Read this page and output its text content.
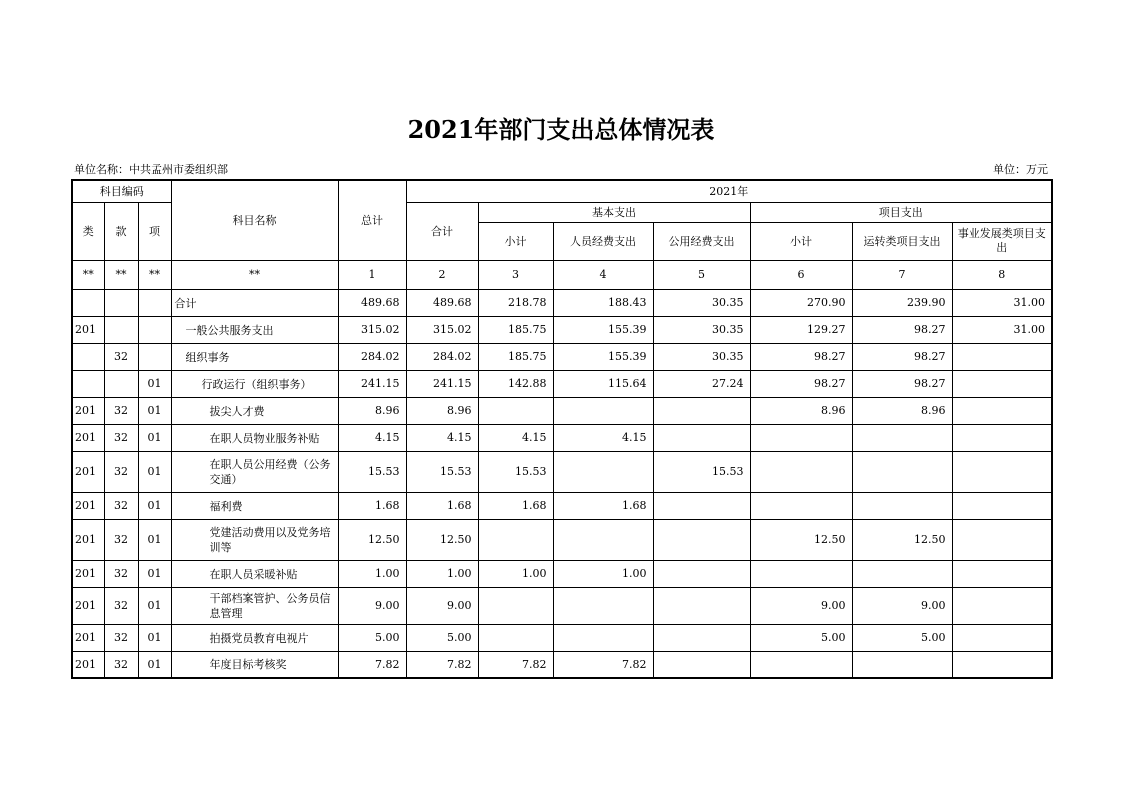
2021年部门支出总体情况表
单位名称：中共孟州市委组织部	单位：万元
科目编码			科目名称	总计	2021年						
类	款	项			合计	基本支出			项目支出		
						小计	人员经费支出	公用经费支出	小计	运转类项目支出	事业发展类项目支出
**	**	**	**	1	2	3	4	5	6	7	8
			合计	489.68	489.68	218.78	188.43	30.35	270.90	239.90	31.00
201			一般公共服务支出	315.02	315.02	185.75	155.39	30.35	129.27	98.27	31.00
	32		组织事务	284.02	284.02	185.75	155.39	30.35	98.27	98.27	
		01	行政运行（组织事务）	241.15	241.15	142.88	115.64	27.24	98.27	98.27	
201	32	01	拔尖人才费	8.96	8.96				8.96	8.96	
201	32	01	在职人员物业服务补贴	4.15	4.15	4.15	4.15				
201	32	01	在职人员公用经费（公务交通）	15.53	15.53	15.53		15.53			
201	32	01	福利费	1.68	1.68	1.68	1.68				
201	32	01	党建活动费用以及党务培训等	12.50	12.50				12.50	12.50	
201	32	01	在职人员采暖补贴	1.00	1.00	1.00	1.00				
201	32	01	干部档案管护、公务员信息管理	9.00	9.00				9.00	9.00	
201	32	01	拍摄党员教育电视片	5.00	5.00				5.00	5.00	
201	32	01	年度目标考核奖	7.82	7.82	7.82	7.82				
